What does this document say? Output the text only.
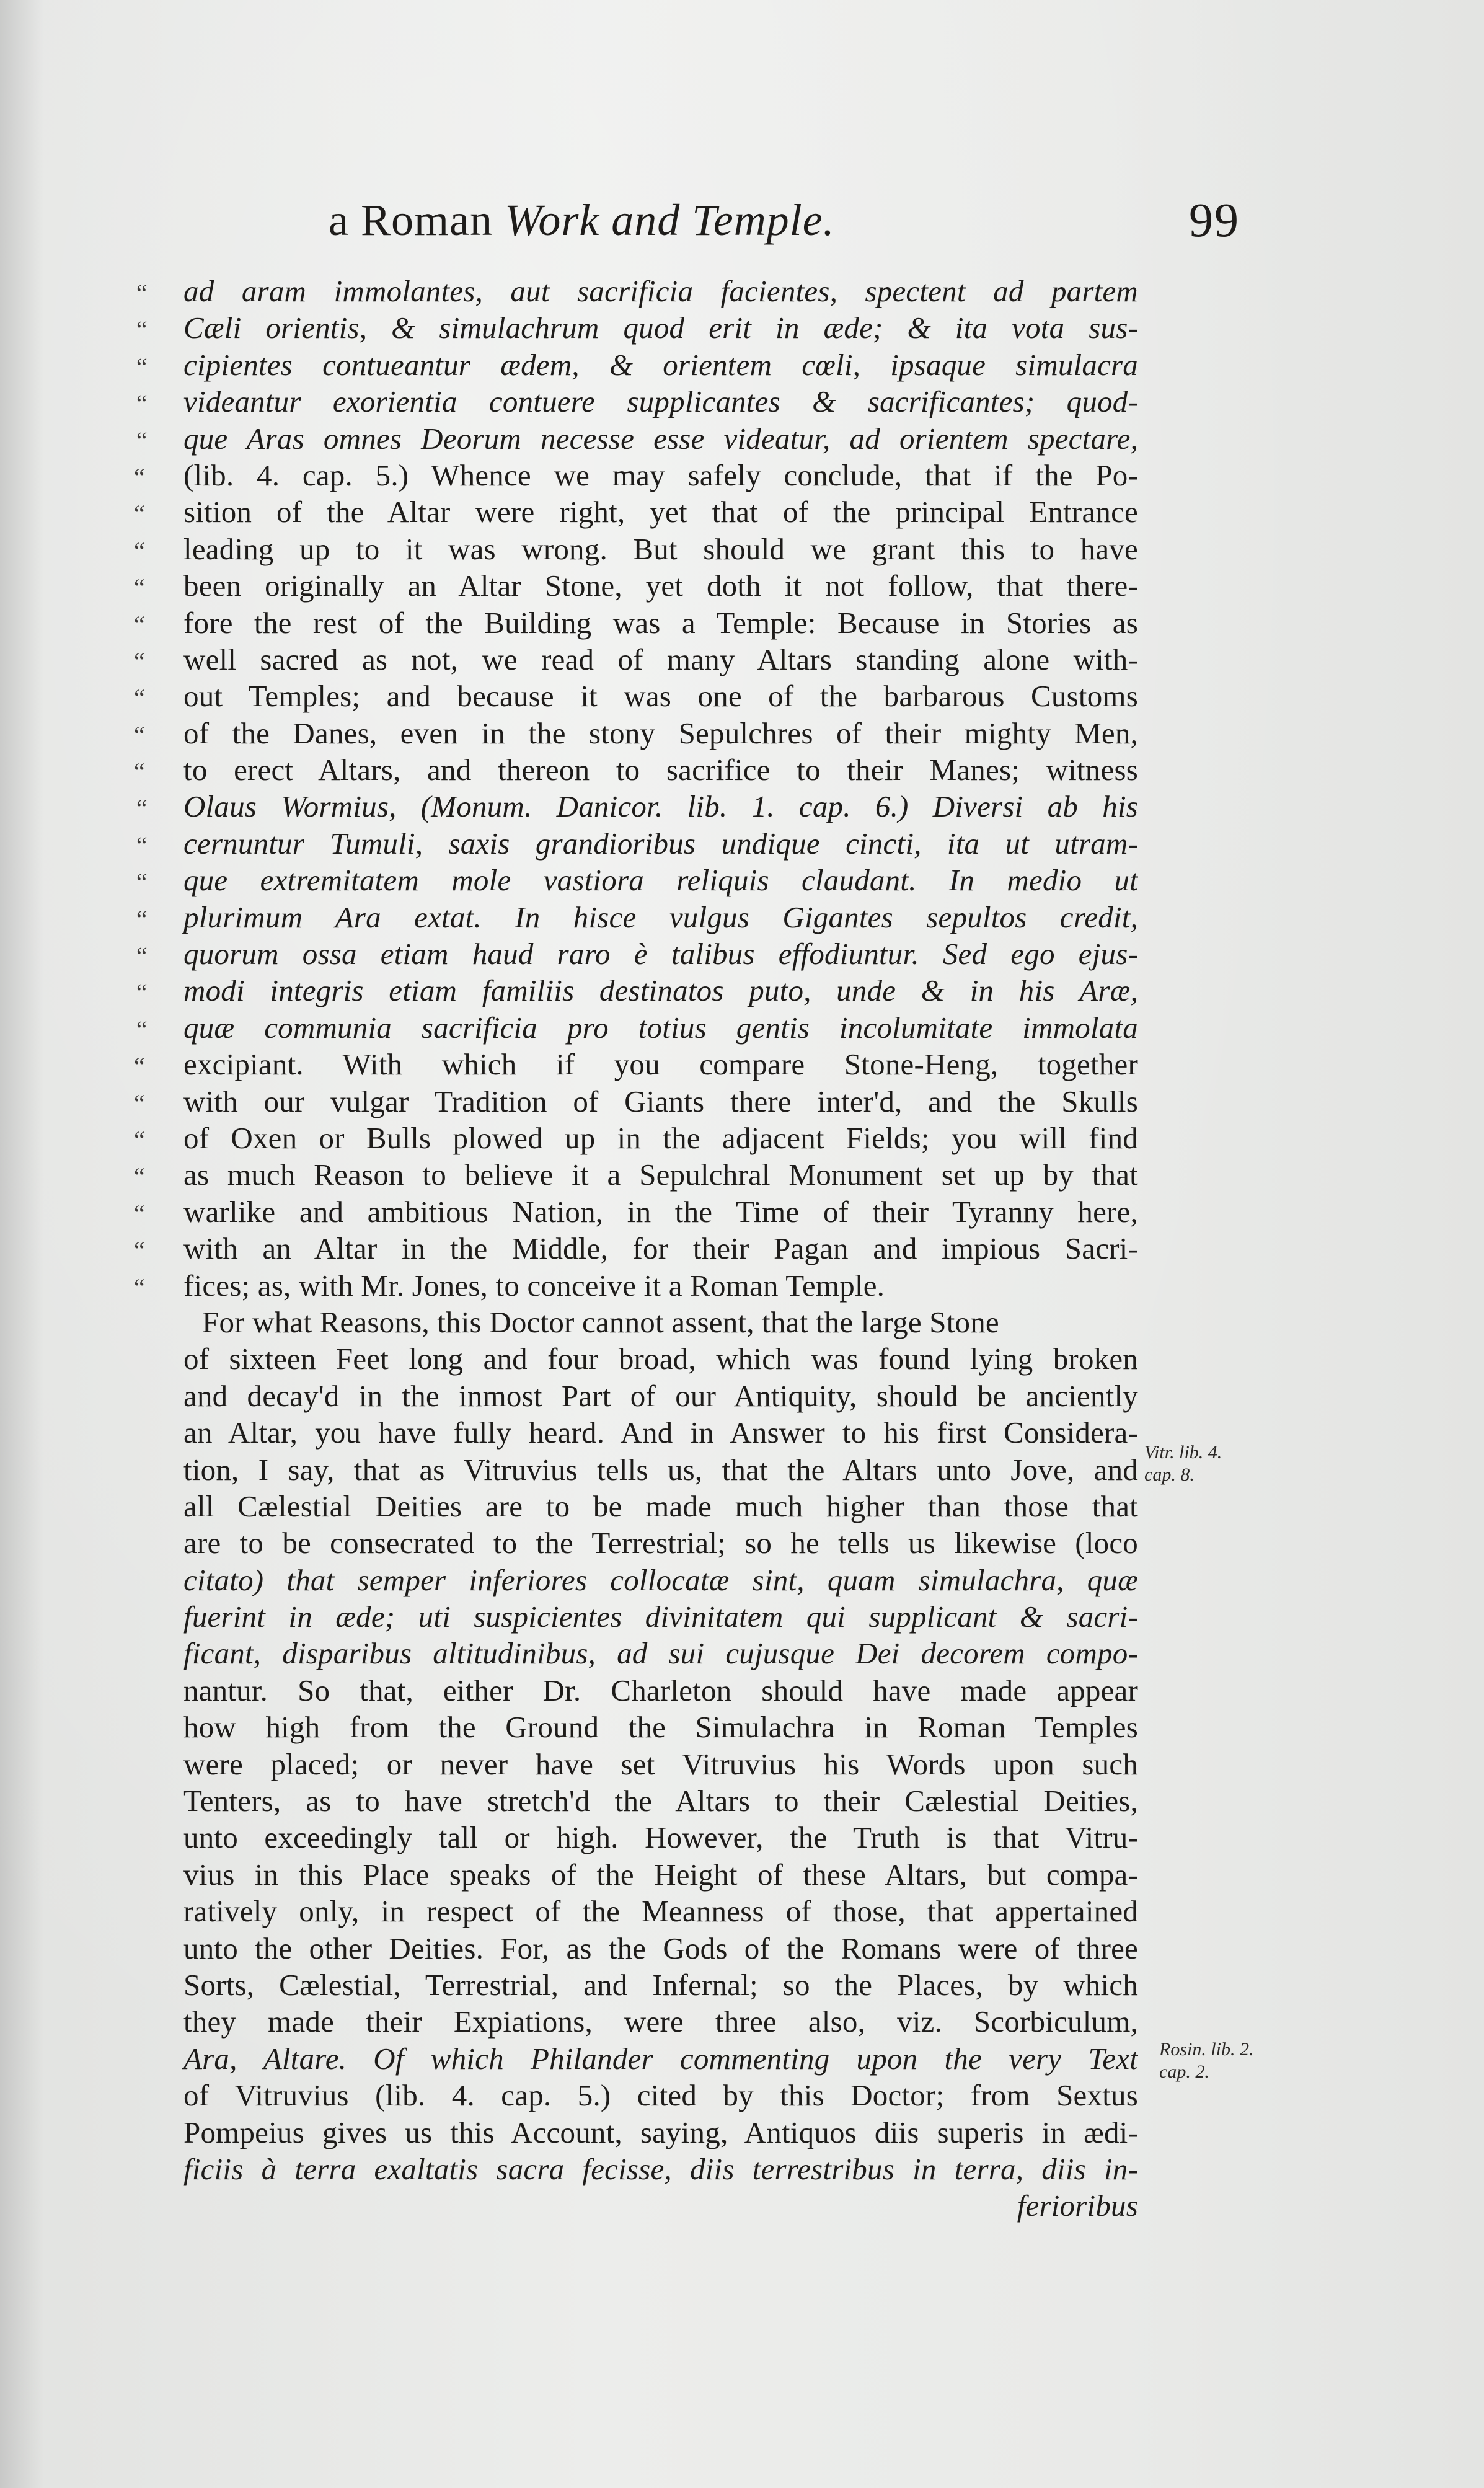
a Roman Work and Temple.	99
“ ad aram immolantes, aut sacrificia facientes, spectent ad partem
“ Cæli orientis, & simulachrum quod erit in æde; & ita vota sus-
“ cipientes contueantur ædem, & orientem cœli, ipsaque simulacra
“ videantur exorientia contuere supplicantes & sacrificantes; quod-
“ que Aras omnes Deorum necesse esse videatur, ad orientem spectare,
“ (lib. 4. cap. 5.) Whence we may safely conclude, that if the Po-
“ sition of the Altar were right, yet that of the principal Entrance
“ leading up to it was wrong. But should we grant this to have
“ been originally an Altar Stone, yet doth it not follow, that there-
“ fore the rest of the Building was a Temple: Because in Stories as
“ well sacred as not, we read of many Altars standing alone with-
“ out Temples; and because it was one of the barbarous Customs
“ of the Danes, even in the stony Sepulchres of their mighty Men,
“ to erect Altars, and thereon to sacrifice to their Manes; witness
“ Olaus Wormius, (Monum. Danicor. lib. 1. cap. 6.) Diversi ab his
“ cernuntur Tumuli, saxis grandioribus undique cincti, ita ut utram-
“ que extremitatem mole vastiora reliquis claudant. In medio ut
“ plurimum Ara extat. In hisce vulgus Gigantes sepultos credit,
“ quorum ossa etiam haud raro è talibus effodiuntur. Sed ego ejus-
“ modi integris etiam familiis destinatos puto, unde & in his Aræ,
“ quæ communia sacrificia pro totius gentis incolumitate immolata
“ excipiant. With which if you compare Stone-Heng, together
“ with our vulgar Tradition of Giants there inter'd, and the Skulls
“ of Oxen or Bulls plowed up in the adjacent Fields; you will find
“ as much Reason to believe it a Sepulchral Monument set up by that
“ warlike and ambitious Nation, in the Time of their Tyranny here,
“ with an Altar in the Middle, for their Pagan and impious Sacri-
“ fices; as, with Mr. Jones, to conceive it a Roman Temple.
For what Reasons, this Doctor cannot assent, that the large Stone
of sixteen Feet long and four broad, which was found lying broken
and decay'd in the inmost Part of our Antiquity, should be anciently
an Altar, you have fully heard. And in Answer to his first Considera-
tion, I say, that as Vitruvius tells us, that the Altars unto Jove, and
all Cælestial Deities are to be made much higher than those that
are to be consecrated to the Terrestrial; so he tells us likewise (loco
citato) that semper inferiores collocatæ sint, quam simulachra, quæ
fuerint in æde; uti suspicientes divinitatem qui supplicant & sacri-
ficant, disparibus altitudinibus, ad sui cujusque Dei decorem compo-
nantur. So that, either Dr. Charleton should have made appear
how high from the Ground the Simulachra in Roman Temples
were placed; or never have set Vitruvius his Words upon such
Tenters, as to have stretch'd the Altars to their Cælestial Deities,
unto exceedingly tall or high. However, the Truth is that Vitru-
vius in this Place speaks of the Height of these Altars, but compa-
ratively only, in respect of the Meanness of those, that appertained
unto the other Deities. For, as the Gods of the Romans were of three
Sorts, Cælestial, Terrestrial, and Infernal; so the Places, by which
they made their Expiations, were three also, viz. Scorbiculum,
Ara, Altare. Of which Philander commenting upon the very Text
of Vitruvius (lib. 4. cap. 5.) cited by this Doctor; from Sextus
Pompeius gives us this Account, saying, Antiquos diis superis in ædi-
ficiis à terra exaltatis sacra fecisse, diis terrestribus in terra, diis in-
ferioribus
Vitr. lib. 4.
cap. 8.
Rosin. lib. 2.
cap. 2.
